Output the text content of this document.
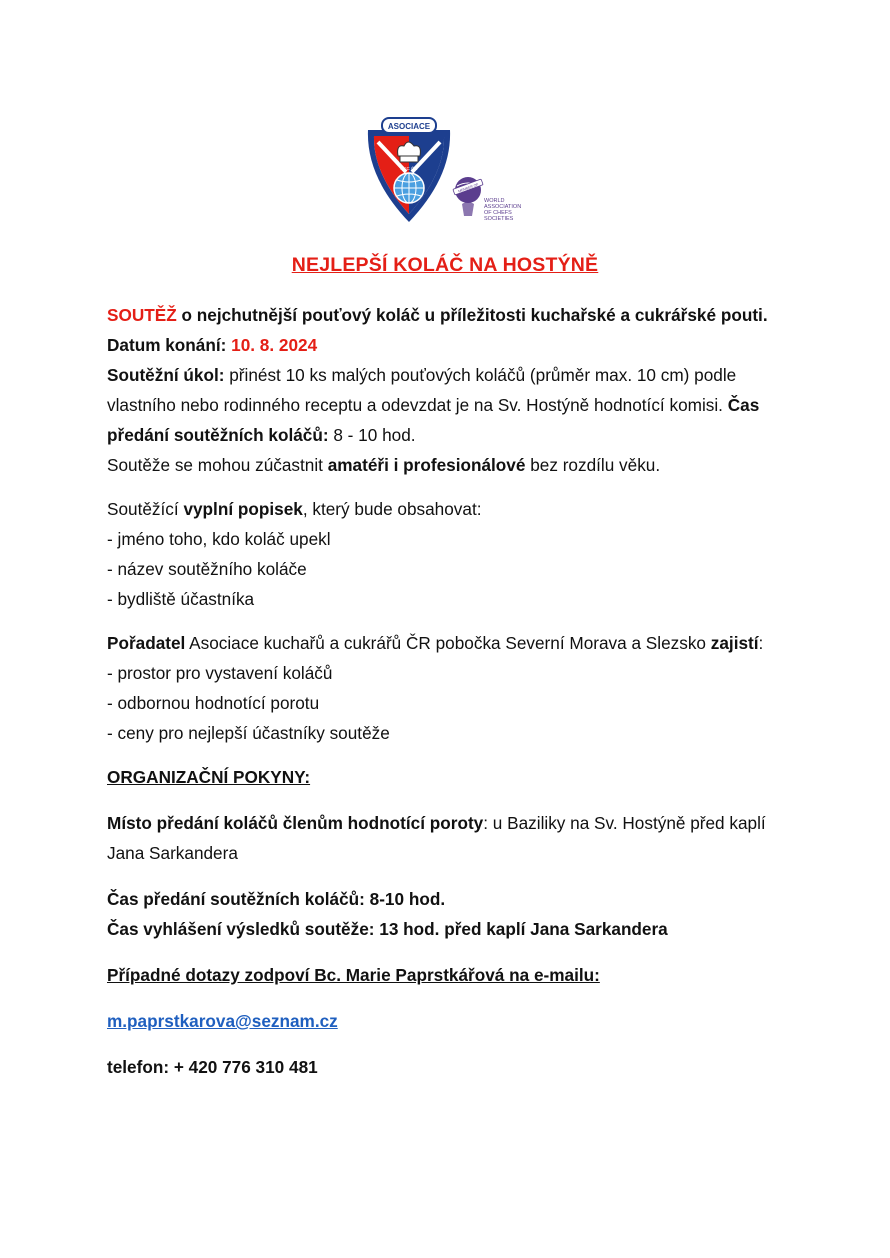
ASOCIACE
AKC ČR
MEMBER OF
WORLD
ASSOCIATION
OF CHEFS
SOCIETIES
NEJLEPŠÍ KOLÁČ NA HOSTÝNĚ

SOUTĚŽ o nejchutnější pouťový koláč u příležitosti kuchařské a cukrářské pouti.

Datum konání: 10. 8. 2024

Soutěžní úkol: přinést 10 ks malých pouťových koláčů (průměr max. 10 cm) podle vlastního nebo rodinného receptu a odevzdat je na Sv. Hostýně hodnotící komisi. Čas předání soutěžních koláčů: 8 - 10 hod.

Soutěže se mohou zúčastnit amatéři i profesionálové bez rozdílu věku.

Soutěžící vyplní popisek, který bude obsahovat:

- jméno toho, kdo koláč upekl

- název soutěžního koláče

- bydliště účastníka

Pořadatel Asociace kuchařů a cukrářů ČR pobočka Severní Morava a Slezsko zajistí:

- prostor pro vystavení koláčů

- odbornou hodnotící porotu

- ceny pro nejlepší účastníky soutěže

ORGANIZAČNÍ POKYNY:

Místo předání koláčů členům hodnotící poroty: u Baziliky na Sv. Hostýně před kaplí Jana Sarkandera

Čas předání soutěžních koláčů: 8-10 hod.

Čas vyhlášení výsledků soutěže: 13 hod. před kaplí Jana Sarkandera

Případné dotazy zodpoví Bc. Marie Paprstkářová na e-mailu:

m.paprstkarova@seznam.cz

telefon: + 420 776 310 481
